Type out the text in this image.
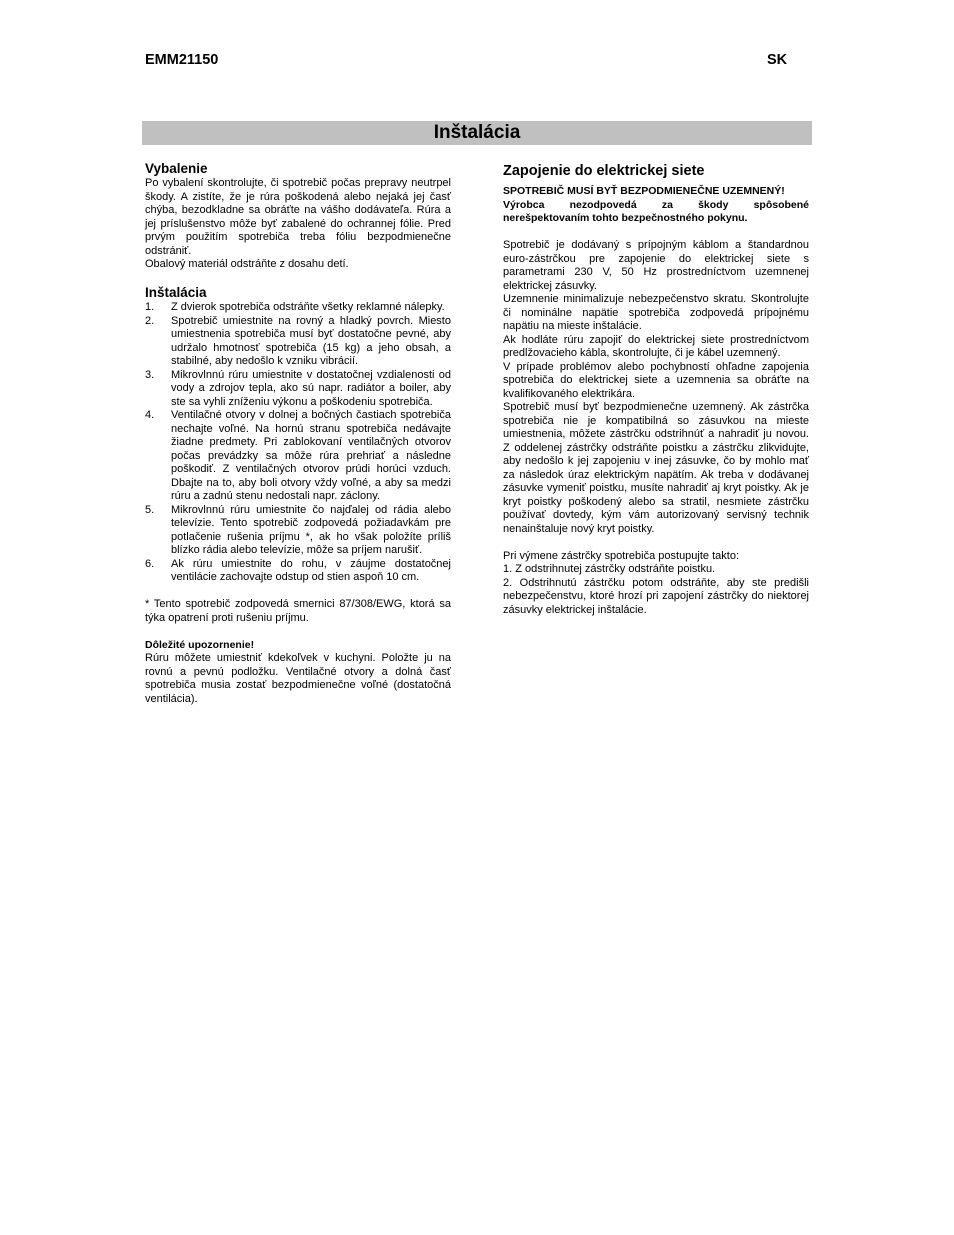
EMM21150	SK
Inštalácia

Vybalenie

Po vybalení skontrolujte, či spotrebič počas prepravy neutrpel škody. A zistíte, že je rúra poškodená alebo nejaká jej časť chýba, bezodkladne sa obráťte na vášho dodávateľa. Rúra a jej príslušenstvo môže byť zabalené do ochrannej fólie. Pred prvým použitím spotrebiča treba fóliu bezpodmienečne odstrániť.

Obalový materiál odstráňte z dosahu detí.

Inštalácia

1. Z dvierok spotrebiča odstráňte všetky reklamné nálepky.
2. Spotrebič umiestnite na rovný a hladký povrch. Miesto umiestnenia spotrebiča musí byť dostatočne pevné, aby udržalo hmotnosť spotrebiča (15 kg) a jeho obsah, a stabilné, aby nedošlo k vzniku vibrácií.
3. Mikrovlnnú rúru umiestnite v dostatočnej vzdialenosti od vody a zdrojov tepla, ako sú napr. radiátor a boiler, aby ste sa vyhli zníženiu výkonu a poškodeniu spotrebiča.
4. Ventilačné otvory v dolnej a bočných častiach spotrebiča nechajte voľné. Na hornú stranu spotrebiča nedávajte žiadne predmety. Pri zablokovaní ventilačných otvorov počas prevádzky sa môže rúra prehriať a následne poškodiť. Z ventilačných otvorov prúdi horúci vzduch. Dbajte na to, aby boli otvory vždy voľné, a aby sa medzi rúru a zadnú stenu nedostali napr. záclony.
5. Mikrovlnnú rúru umiestnite čo najďalej od rádia alebo televízie. Tento spotrebič zodpovedá požiadavkám pre potlačenie rušenia príjmu *, ak ho však položíte príliš blízko rádia alebo televízie, môže sa príjem narušiť.
6. Ak rúru umiestnite do rohu, v záujme dostatočnej ventilácie zachovajte odstup od stien aspoň 10 cm.

* Tento spotrebič zodpovedá smernici 87/308/EWG, ktorá sa týka opatrení proti rušeniu príjmu.

Dôležité upozornenie!

Rúru môžete umiestniť kdekoľvek v kuchyni. Položte ju na rovnú a pevnú podložku. Ventilačné otvory a dolná časť spotrebiča musia zostať bezpodmienečne voľné (dostatočná ventilácia).

Zapojenie do elektrickej siete

SPOTREBIČ MUSÍ BYŤ BEZPODMIENEČNE UZEMNENÝ!

Výrobca nezodpovedá za škody spôsobené nerešpektovaním tohto bezpečnostného pokynu.

Spotrebič je dodávaný s prípojným káblom a štandardnou euro-zástrčkou pre zapojenie do elektrickej siete s parametrami 230 V, 50 Hz prostredníctvom uzemnenej elektrickej zásuvky.

Uzemnenie minimalizuje nebezpečenstvo skratu. Skontrolujte či nominálne napätie spotrebiča zodpovedá prípojnému napätiu na mieste inštalácie.

Ak hodláte rúru zapojiť do elektrickej siete prostredníctvom predlžovacieho kábla, skontrolujte, či je kábel uzemnený.

V prípade problémov alebo pochybností ohľadne zapojenia spotrebiča do elektrickej siete a uzemnenia sa obráťte na kvalifikovaného elektrikára.

Spotrebič musí byť bezpodmienečne uzemnený. Ak zástrčka spotrebiča nie je kompatibilná so zásuvkou na mieste umiestnenia, môžete zástrčku odstrihnúť a nahradiť ju novou. Z oddelenej zástrčky odstráňte poistku a zástrčku zlikvidujte, aby nedošlo k jej zapojeniu v inej zásuvke, čo by mohlo mať za následok úraz elektrickým napätím. Ak treba v dodávanej zásuvke vymeniť poistku, musíte nahradiť aj kryt poistky. Ak je kryt poistky poškodený alebo sa stratil, nesmiete zástrčku používať dovtedy, kým vám autorizovaný servisný technik nenainštaluje nový kryt poistky.

Pri výmene zástrčky spotrebiča postupujte takto:

1. Z odstrihnutej zástrčky odstráňte poistku.

2. Odstrihnutú zástrčku potom odstráňte, aby ste predišli nebezpečenstvu, ktoré hrozí pri zapojení zástrčky do niektorej zásuvky elektrickej inštalácie.
